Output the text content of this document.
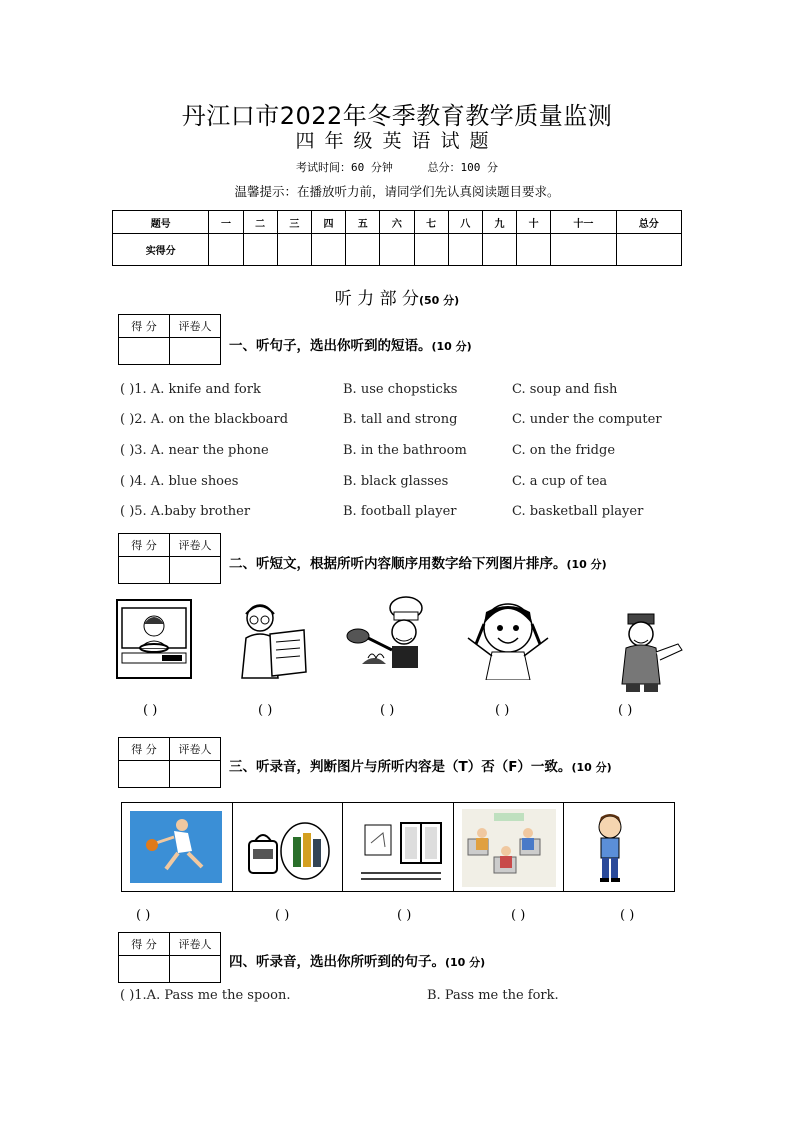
丹江口市2022年冬季教育教学质量监测
四年级英语试题
考试时间：60 分钟	总分：100 分
温馨提示：在播放听力前，请同学们先认真阅读题目要求。
题号	一	二	三	四	五	六	七	八	九	十	十一	总分
实得分												
听 力 部 分(50 分)
得 分	评卷人

一、听句子，选出你听到的短语。(10 分)
( )1. A. knife and fork	B. use chopsticks	C. soup and fish
( )2. A. on the blackboard	B. tall and strong	C. under the computer
( )3. A. near the phone	B. in the bathroom	C. on the fridge
( )4. A. blue shoes	B. black glasses	C. a cup of tea
( )5. A.baby brother	B. football player	C. basketball player
得 分	评卷人

二、听短文，根据所听内容顺序用数字给下列图片排序。(10 分)
( )	( )	( )	( )	( )
得 分	评卷人

三、听录音，判断图片与所听内容是（T）否（F）一致。(10 分)
( )	( )	( )	( )	( )
得 分	评卷人

四、听录音，选出你所听到的句子。(10 分)
( )1.A. Pass me the spoon.	B. Pass me the fork.
